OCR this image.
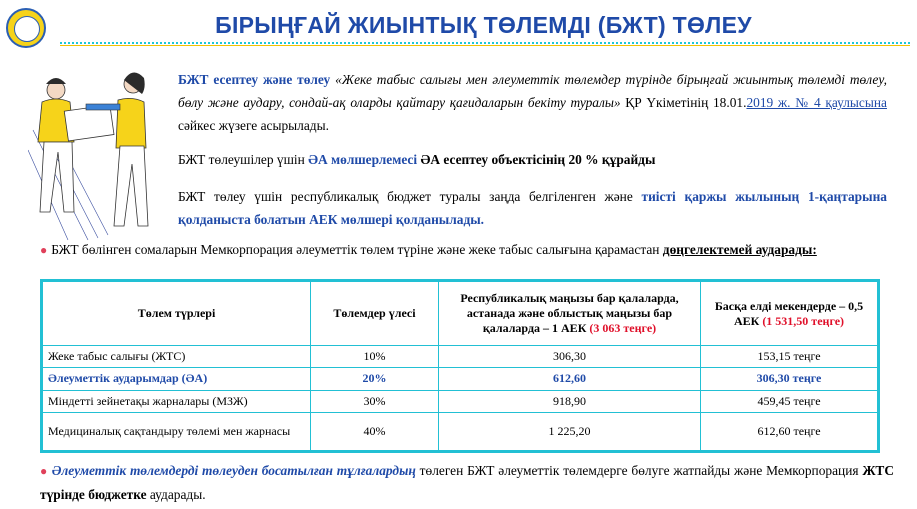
БІРЫҢҒАЙ ЖИЫНТЫҚ ТӨЛЕМДІ (БЖТ) ТӨЛЕУ
БЖТ есептеу және төлеу «Жеке табыс салығы мен әлеуметтік төлемдер түрінде бірыңғай жиынтық төлемді төлеу, бөлу және аудару, сондай-ақ оларды қайтару қағидаларын бекіту туралы» ҚР Үкіметінің 18.01.2019 ж. № 4 қаулысына сәйкес жүзеге асырылады.
БЖТ төлеушілер үшін ӘА мөлшерлемесі ӘА есептеу объектісінің 20 % құрайды
БЖТ төлеу үшін республикалық бюджет туралы заңда белгіленген және тиісті қаржы жылының 1-қаңтарына қолданыста болатын АЕК мөлшері қолданылады.
● БЖТ бөлінген сомаларын Мемкорпорация әлеуметтік төлем түріне және жеке табыс салығына қарамастан дөңгелектемей аударады:
Төлем түрлері	Төлемдер үлесі	Республикалық маңызы бар қалаларда, астанада және облыстық маңызы бар қалаларда – 1 АЕК (3 063 теңге)	Басқа елді мекендерде – 0,5 АЕК (1 531,50 теңге)
Жеке табыс салығы (ЖТС)	10%	306,30	153,15 теңге
Әлеуметтік аударымдар (ӘА)	20%	612,60	306,30 теңге
Міндетті зейнетақы жарналары (МЗЖ)	30%	918,90	459,45 теңге
Медициналық сақтандыру төлемі мен жарнасы	40%	1 225,20	612,60 теңге
● Әлеуметтік төлемдерді төлеуден босатылған тұлғалардың төлеген БЖТ әлеуметтік төлемдерге бөлуге жатпайды және Мемкорпорация ЖТС түрінде бюджетке аударады.
